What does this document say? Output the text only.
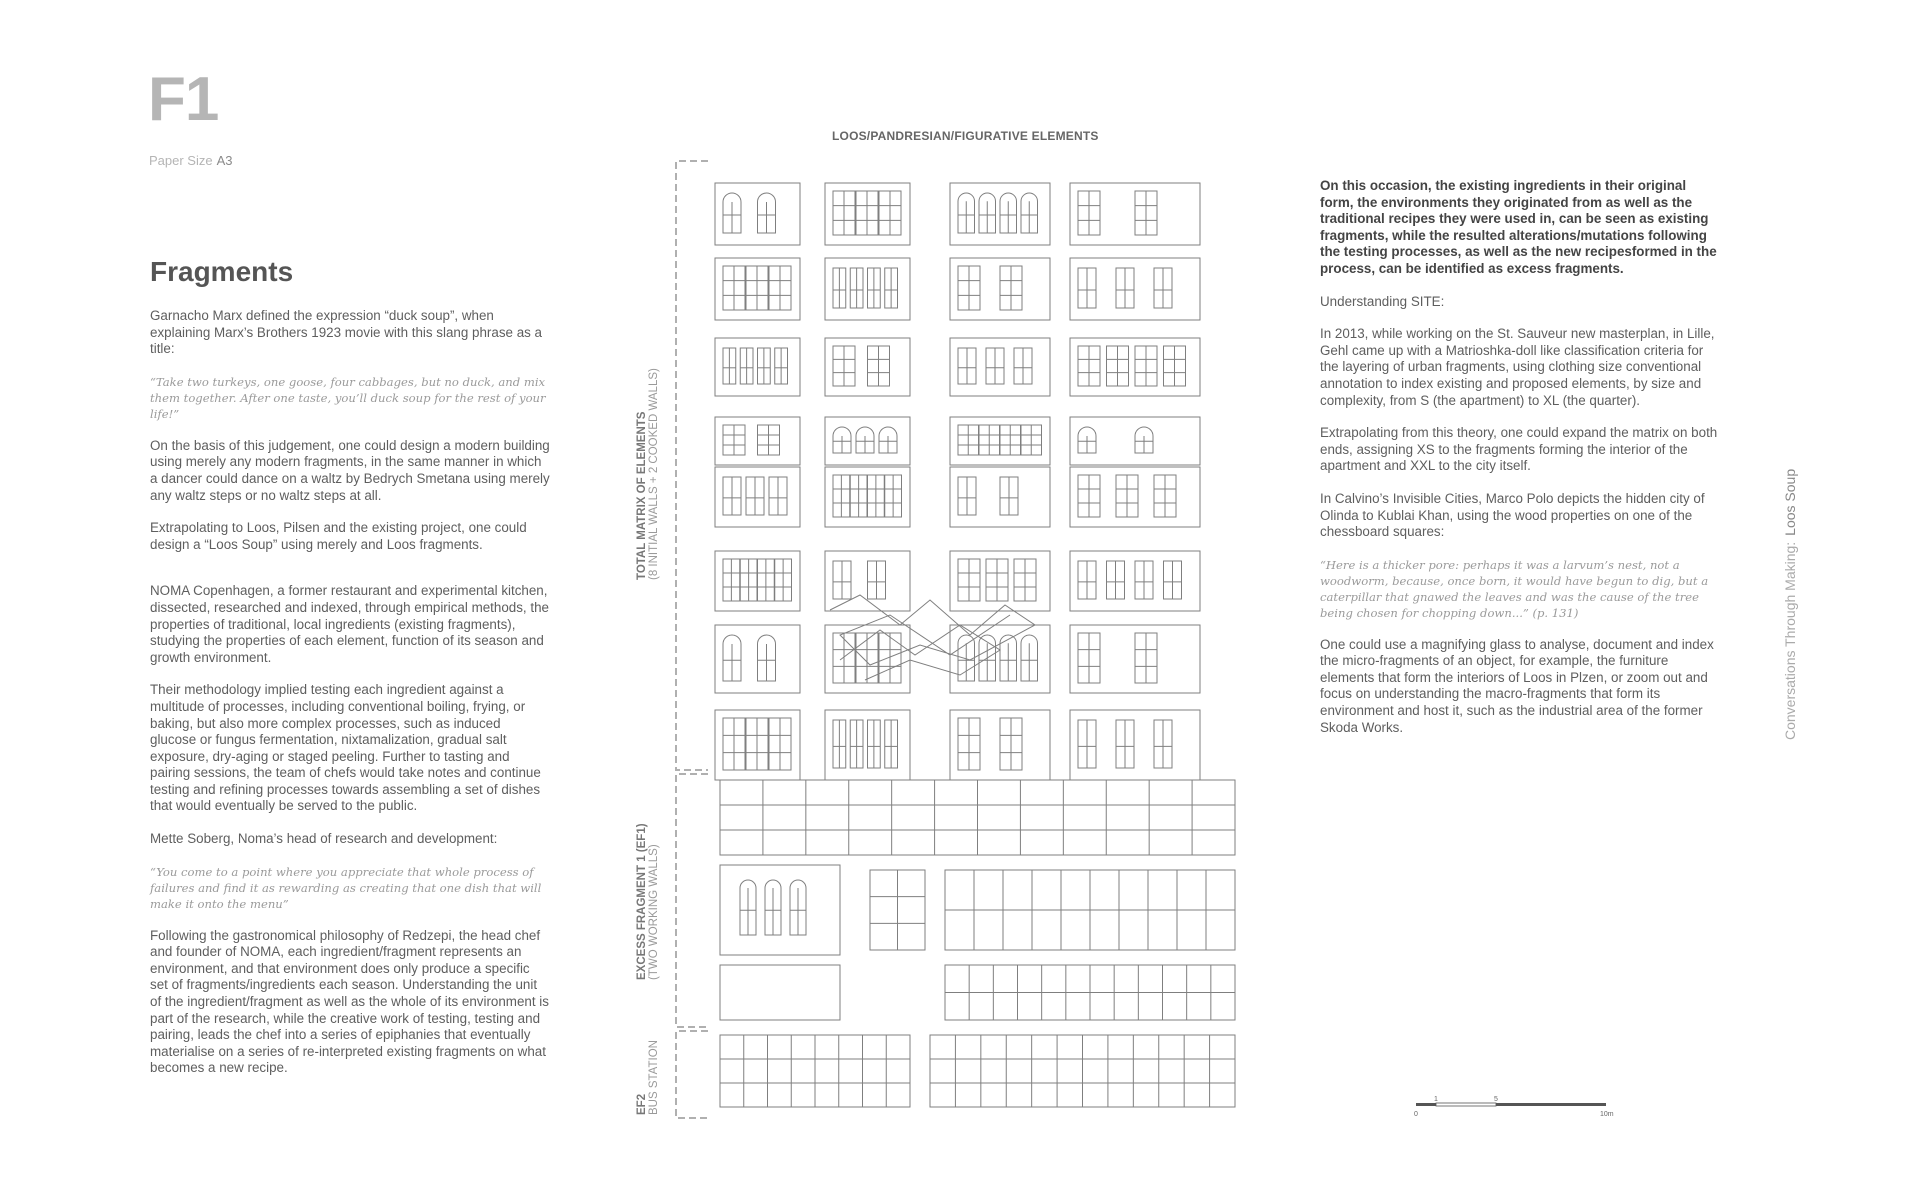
F1
Paper Size A3
Fragments

Garnacho Marx defined the expression “duck soup”, when explaining Marx’s Brothers 1923 movie with this slang phrase as a title:

“Take two turkeys, one goose, four cabbages, but no duck, and mix them together. After one taste, you’ll duck soup for the rest of your life!”

On the basis of this judgement, one could design a modern building using merely any modern fragments, in the same manner in which a dancer could dance on a waltz by Bedrych Smetana using merely any waltz steps or no waltz steps at all.

Extrapolating to Loos, Pilsen and the existing project, one could design a “Loos Soup” using merely and Loos fragments.

NOMA Copenhagen, a former restaurant and experimental kitchen, dissected, researched and indexed, through empirical methods, the properties of traditional, local ingredients (existing fragments), studying the properties of each element, function of its season and growth environment.

Their methodology implied testing each ingredient against a multitude of processes, including conventional boiling, frying, or baking, but also more complex processes, such as induced glucose or fungus fermentation, nixtamalization, gradual salt exposure, dry-aging or staged peeling. Further to tasting and pairing sessions, the team of chefs would take notes and continue testing and refining processes towards assembling a set of dishes that would eventually be served to the public.

Mette Soberg, Noma’s head of research and development:

“You come to a point where you appreciate that whole process of failures and find it as rewarding as creating that one dish that will make it onto the menu”

Following the gastronomical philosophy of Redzepi, the head chef and founder of NOMA, each ingredient/fragment represents an environment, and that environment does only produce a specific set of fragments/ingredients each season. Understanding the unit of the ingredient/fragment as well as the whole of its environment is part of the research, while the creative work of testing, testing and pairing, leads the chef into a series of epiphanies that eventually materialise on a series of re-interpreted existing fragments on what becomes a new recipe.

LOOS/PANDRESIAN/FIGURATIVE ELEMENTS
TOTAL MATRIX OF ELEMENTS (8 INITIAL WALLS + 2 COOKED WALLS)
EXCESS FRAGMENT 1 (EF1) (TWO WORKING WALLS)
EF2 BUS STATION	0
1	5
10m

On this occasion, the existing ingredients in their original form, the environments they originated from as well as the traditional recipes they were used in, can be seen as existing fragments, while the resulted alterations/mutations following the testing processes, as well as the new recipesformed in the process, can be identified as excess fragments.

Understanding SITE:

In 2013, while working on the St. Sauveur new masterplan, in Lille, Gehl came up with a Matrioshka-doll like classification criteria for the layering of urban fragments, using clothing size conventional annotation to index existing and proposed elements, by size and complexity, from S (the apartment) to XL (the quarter).

Extrapolating from this theory, one could expand the matrix on both ends, assigning XS to the fragments forming the interior of the apartment and XXL to the city itself.

In Calvino’s Invisible Cities, Marco Polo depicts the hidden city of Olinda to Kublai Khan, using the wood properties on one of the chessboard squares:

“Here is a thicker pore: perhaps it was a larvum’s nest, not a woodworm, because, once born, it would have begun to dig, but a caterpillar that gnawed the leaves and was the cause of the tree being chosen for chopping down...” (p. 131)

One could use a magnifying glass to analyse, document and index the micro-fragments of an object, for example, the furniture elements that form the interiors of Loos in Plzen, or zoom out and focus on understanding the macro-fragments that form its environment and host it, such as the industrial area of the former Skoda Works.	Conversations Through Making:Loos Soup
